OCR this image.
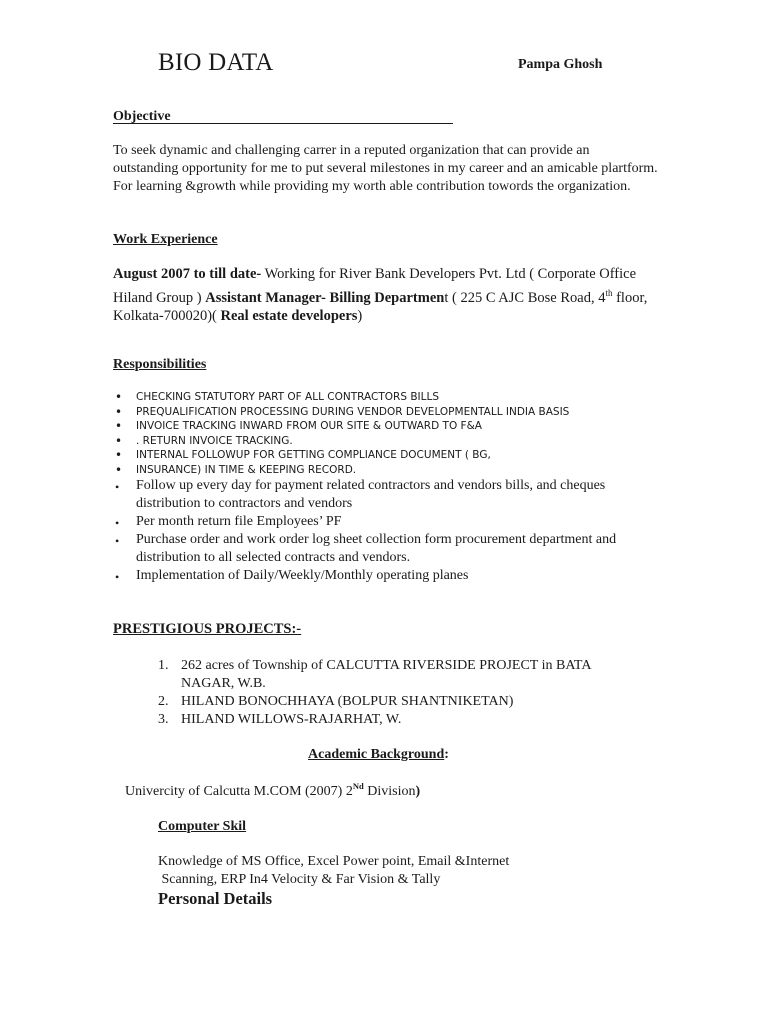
BIO DATA	Pampa Ghosh
Objective
To seek dynamic and challenging carrer in a reputed organization that can provide an outstanding opportunity for me to put several milestones in my career and an amicable plartform. For learning &growth while providing my worth able contribution towords the organization.
Work Experience
August 2007 to till date- Working for River Bank Developers Pvt. Ltd ( Corporate Office Hiland Group ) Assistant Manager- Billing Department ( 225 C AJC Bose Road, 4th floor, Kolkata-700020)( Real estate developers)
Responsibilities
• CHECKING STATUTORY PART OF ALL CONTRACTORS BILLS
• PREQUALIFICATION PROCESSING DURING VENDOR DEVELOPMENTALL INDIA BASIS
• INVOICE TRACKING INWARD FROM OUR SITE & OUTWARD TO F&A
• . RETURN INVOICE TRACKING.
• INTERNAL FOLLOWUP FOR GETTING COMPLIANCE DOCUMENT ( BG,
• INSURANCE) IN TIME & KEEPING RECORD.
• Follow up every day for payment related contractors and vendors bills, and cheques distribution to contractors and vendors
• Per month return file Employees’ PF
• Purchase order and work order log sheet collection form procurement department and distribution to all selected contracts and vendors.
• Implementation of Daily/Weekly/Monthly operating planes
PRESTIGIOUS PROJECTS:-
1. 262 acres of Township of CALCUTTA RIVERSIDE PROJECT in BATA NAGAR, W.B.
2. HILAND BONOCHHAYA (BOLPUR SHANTNIKETAN)
3. HILAND WILLOWS-RAJARHAT, W.
Academic Background:
Univercity of Calcutta M.COM (2007) 2Nd Division)
Computer Skil
Knowledge of MS Office, Excel Power point, Email &Internet
Scanning, ERP In4 Velocity & Far Vision & Tally
Personal Details
